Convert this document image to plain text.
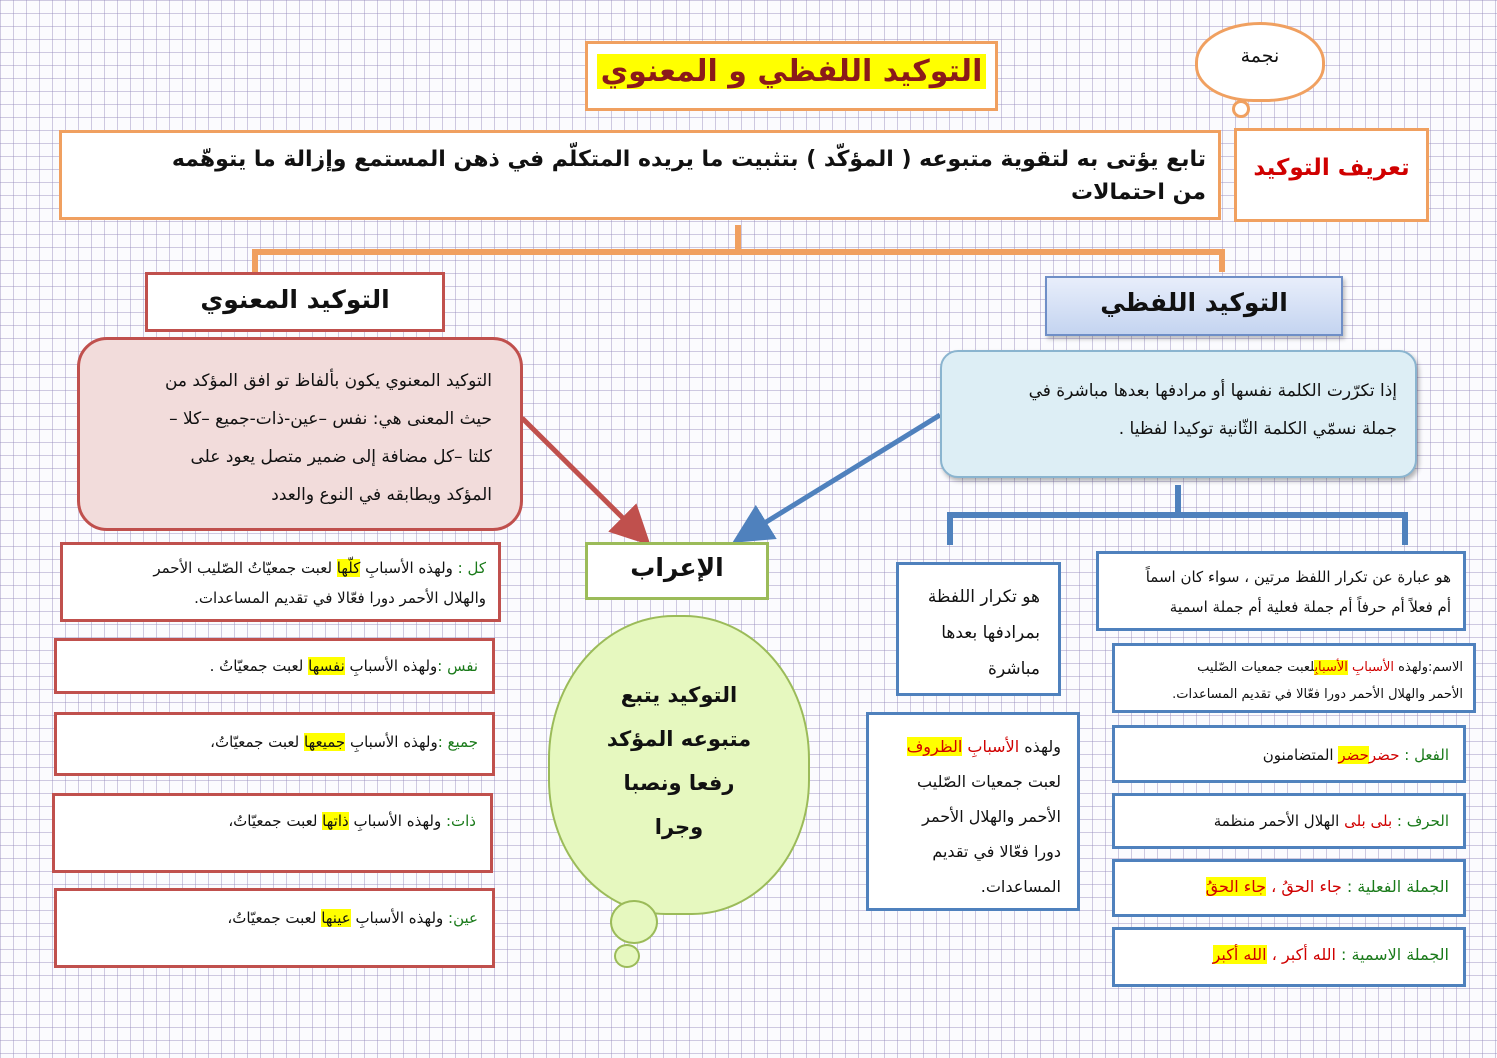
التوكيد اللفظي و المعنوي	نجمة
تعريف التوكيد
تابع يؤتى به لتقوية متبوعه ( المؤكّد ) بتثبيت ما يريده المتكلّم في ذهن المستمع وإزالة ما يتوهّمه
من احتمالات
التوكيد اللفظي
التوكيد المعنوي
إذا تكرّرت الكلمة نفسها أو مرادفها بعدها مباشرة في
جملة نسمّي الكلمة الثّانية توكيدا لفظيا .
التوكيد المعنوي يكون بألفاظ تو افق المؤكد من
حيث المعنى هي: نفس –عين-ذات-جميع –كلا –
كلتا –كل مضافة إلى ضمير متصل يعود على
المؤكد ويطابقه في النوع والعدد
الإعراب
التوكيد يتبع
متبوعه المؤكد
رفعا ونصبا
وجرا
هو عبارة عن تكرار اللفظ مرتين ، سواء كان اسماً
أم فعلاً أم حرفاً أم جملة فعلية أم جملة اسمية
هو تكرار اللفظة
بمرادفها بعدها
مباشرة
ولهذه الأسبابِ الظروف
لعبت جمعيات الصّليب
الأحمر والهلال الأحمر
دورا فعّالا في تقديم
المساعدات.
الاسم:ولهذه الأسبابِ الأسبابِلعبت جمعيات الصّليب
الأحمر والهلال الأحمر دورا فعّالا في تقديم المساعدات.
الفعل : حضرحضر المتضامنون
الحرف : بلى بلى الهلال الأحمر منظمة
الجملة الفعلية : جاء الحقُ ، جاء الحقُ
الجملة الاسمية : الله أكبر ، الله أكبر
كل : ولهذه الأسبابِ كلّها لعبت جمعيّاتُ الصّليب الأحمر
والهلال الأحمر دورا فعّالا في تقديم المساعدات.
نفس :ولهذه الأسبابِ نفسها لعبت جمعيّاتُ .
جميع :ولهذه الأسبابِ جميعها لعبت جمعيّاتُ،
ذات: ولهذه الأسبابِ ذاتها لعبت جمعيّاتُ،
عين: ولهذه الأسبابِ عينها لعبت جمعيّاتُ،
